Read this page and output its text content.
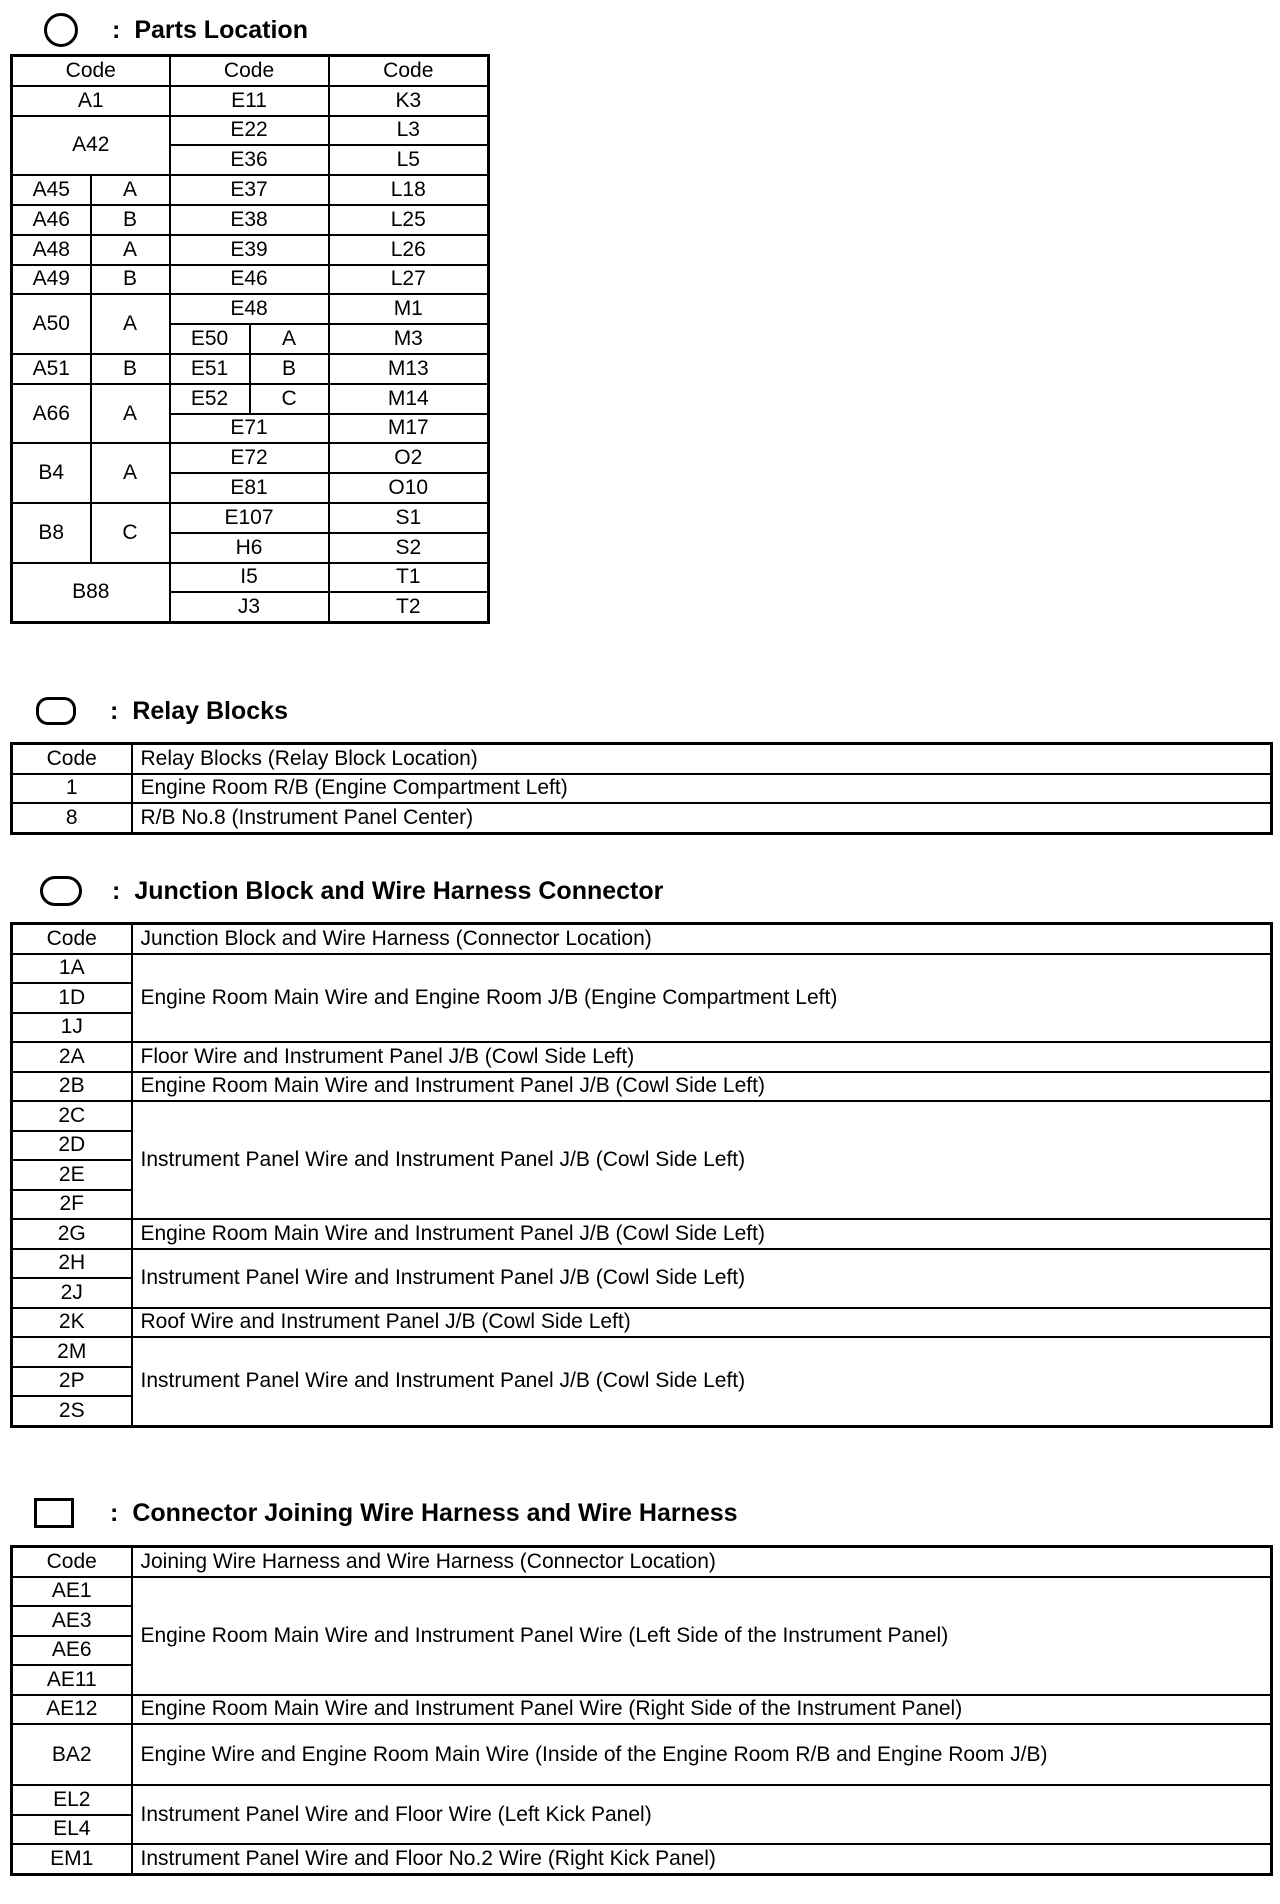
: Parts Location
Code		Code		Code
A1		E11		K3
A42		E22		L3
		E36		L5
A45	A	E37		L18
A46	B	E38		L25
A48	A	E39		L26
A49	B	E46		L27
A50	A	E48		M1
		E50	A	M3
A51	B	E51	B	M13
A66	A	E52	C	M14
		E71		M17
B4	A	E72		O2
		E81		O10
B8	C	E107		S1
		H6		S2
B88		I5		T1
		J3		T2
: Relay Blocks
Code	Relay Blocks (Relay Block Location)
1	Engine Room R/B (Engine Compartment Left)
8	R/B No.8 (Instrument Panel Center)
: Junction Block and Wire Harness Connector
Code	Junction Block and Wire Harness (Connector Location)
1A	Engine Room Main Wire and Engine Room J/B (Engine Compartment Left)
1D	
1J	
2A	Floor Wire and Instrument Panel J/B (Cowl Side Left)
2B	Engine Room Main Wire and Instrument Panel J/B (Cowl Side Left)
2C	Instrument Panel Wire and Instrument Panel J/B (Cowl Side Left)
2D	
2E	
2F	
2G	Engine Room Main Wire and Instrument Panel J/B (Cowl Side Left)
2H	Instrument Panel Wire and Instrument Panel J/B (Cowl Side Left)
2J	
2K	Roof Wire and Instrument Panel J/B (Cowl Side Left)
2M	Instrument Panel Wire and Instrument Panel J/B (Cowl Side Left)
2P	
2S	
: Connector Joining Wire Harness and Wire Harness
Code	Joining Wire Harness and Wire Harness (Connector Location)
AE1	Engine Room Main Wire and Instrument Panel Wire (Left Side of the Instrument Panel)
AE3	
AE6	
AE11	
AE12	Engine Room Main Wire and Instrument Panel Wire (Right Side of the Instrument Panel)
BA2	Engine Wire and Engine Room Main Wire (Inside of the Engine Room R/B and Engine Room J/B)
EL2	Instrument Panel Wire and Floor Wire (Left Kick Panel)
EL4	
EM1	Instrument Panel Wire and Floor No.2 Wire (Right Kick Panel)
